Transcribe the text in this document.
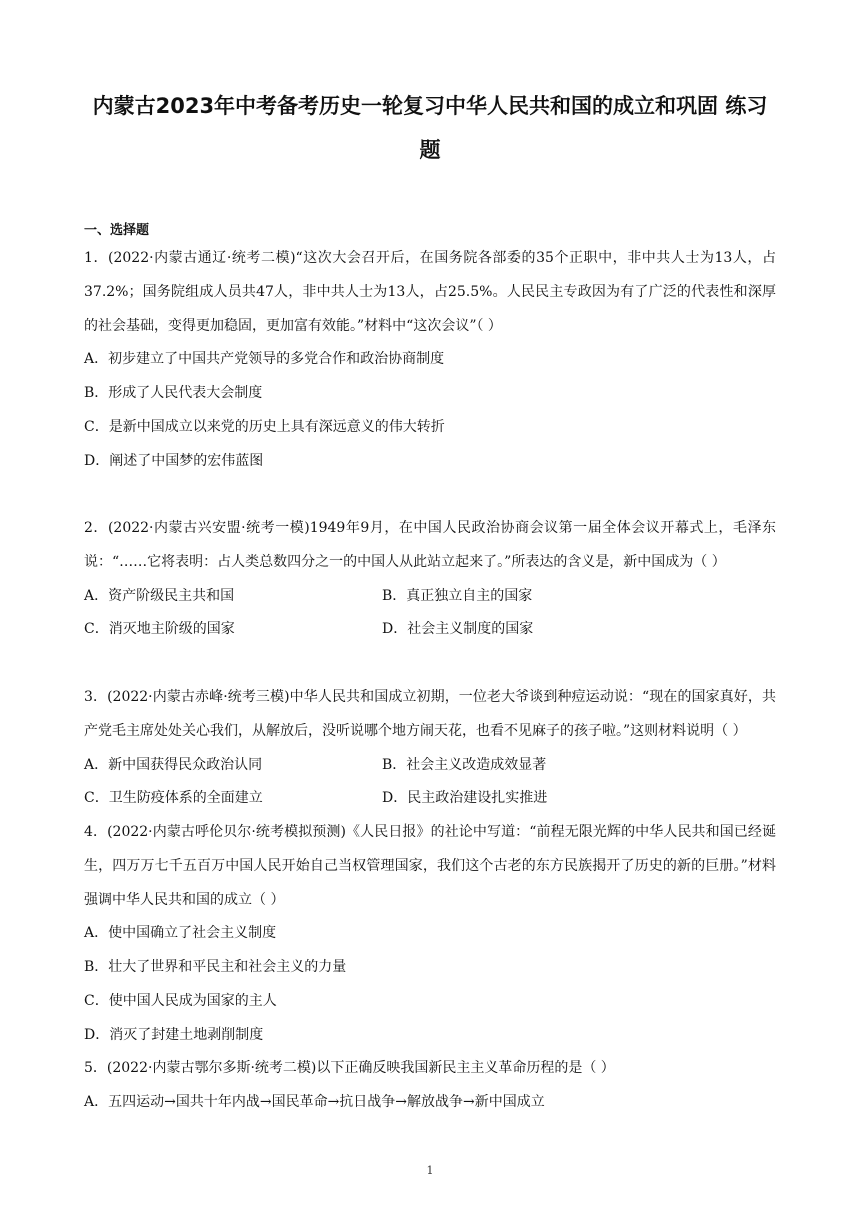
内蒙古2023年中考备考历史一轮复习中华人民共和国的成立和巩固 练习
题
一、选择题
1．(2022·内蒙古通辽·统考二模)“这次大会召开后，在国务院各部委的35个正职中，非中共人士为13人，占37.2%；国务院组成人员共47人，非中共人士为13人，占25.5%。人民民主专政因为有了广泛的代表性和深厚的社会基础，变得更加稳固，更加富有效能。”材料中“这次会议”（ ）
A．初步建立了中国共产党领导的多党合作和政治协商制度
B．形成了人民代表大会制度
C．是新中国成立以来党的历史上具有深远意义的伟大转折
D．阐述了中国梦的宏伟蓝图
2．(2022·内蒙古兴安盟·统考一模)1949年9月，在中国人民政治协商会议第一届全体会议开幕式上，毛泽东说：“……它将表明：占人类总数四分之一的中国人从此站立起来了。”所表达的含义是，新中国成为（ ）
A．资产阶级民主共和国	B．真正独立自主的国家
C．消灭地主阶级的国家	D．社会主义制度的国家
3．(2022·内蒙古赤峰·统考三模)中华人民共和国成立初期，一位老大爷谈到种痘运动说：“现在的国家真好，共产党毛主席处处关心我们，从解放后，没听说哪个地方闹天花，也看不见麻子的孩子啦。”这则材料说明（ ）
A．新中国获得民众政治认同	B．社会主义改造成效显著
C．卫生防疫体系的全面建立	D．民主政治建设扎实推进
4．(2022·内蒙古呼伦贝尔·统考模拟预测)《人民日报》的社论中写道：“前程无限光辉的中华人民共和国已经诞生，四万万七千五百万中国人民开始自己当权管理国家，我们这个古老的东方民族揭开了历史的新的巨册。”材料强调中华人民共和国的成立（ ）
A．使中国确立了社会主义制度
B．壮大了世界和平民主和社会主义的力量
C．使中国人民成为国家的主人
D．消灭了封建土地剥削制度
5．(2022·内蒙古鄂尔多斯·统考二模)以下正确反映我国新民主主义革命历程的是（ ）
A．五四运动→国共十年内战→国民革命→抗日战争→解放战争→新中国成立
1
